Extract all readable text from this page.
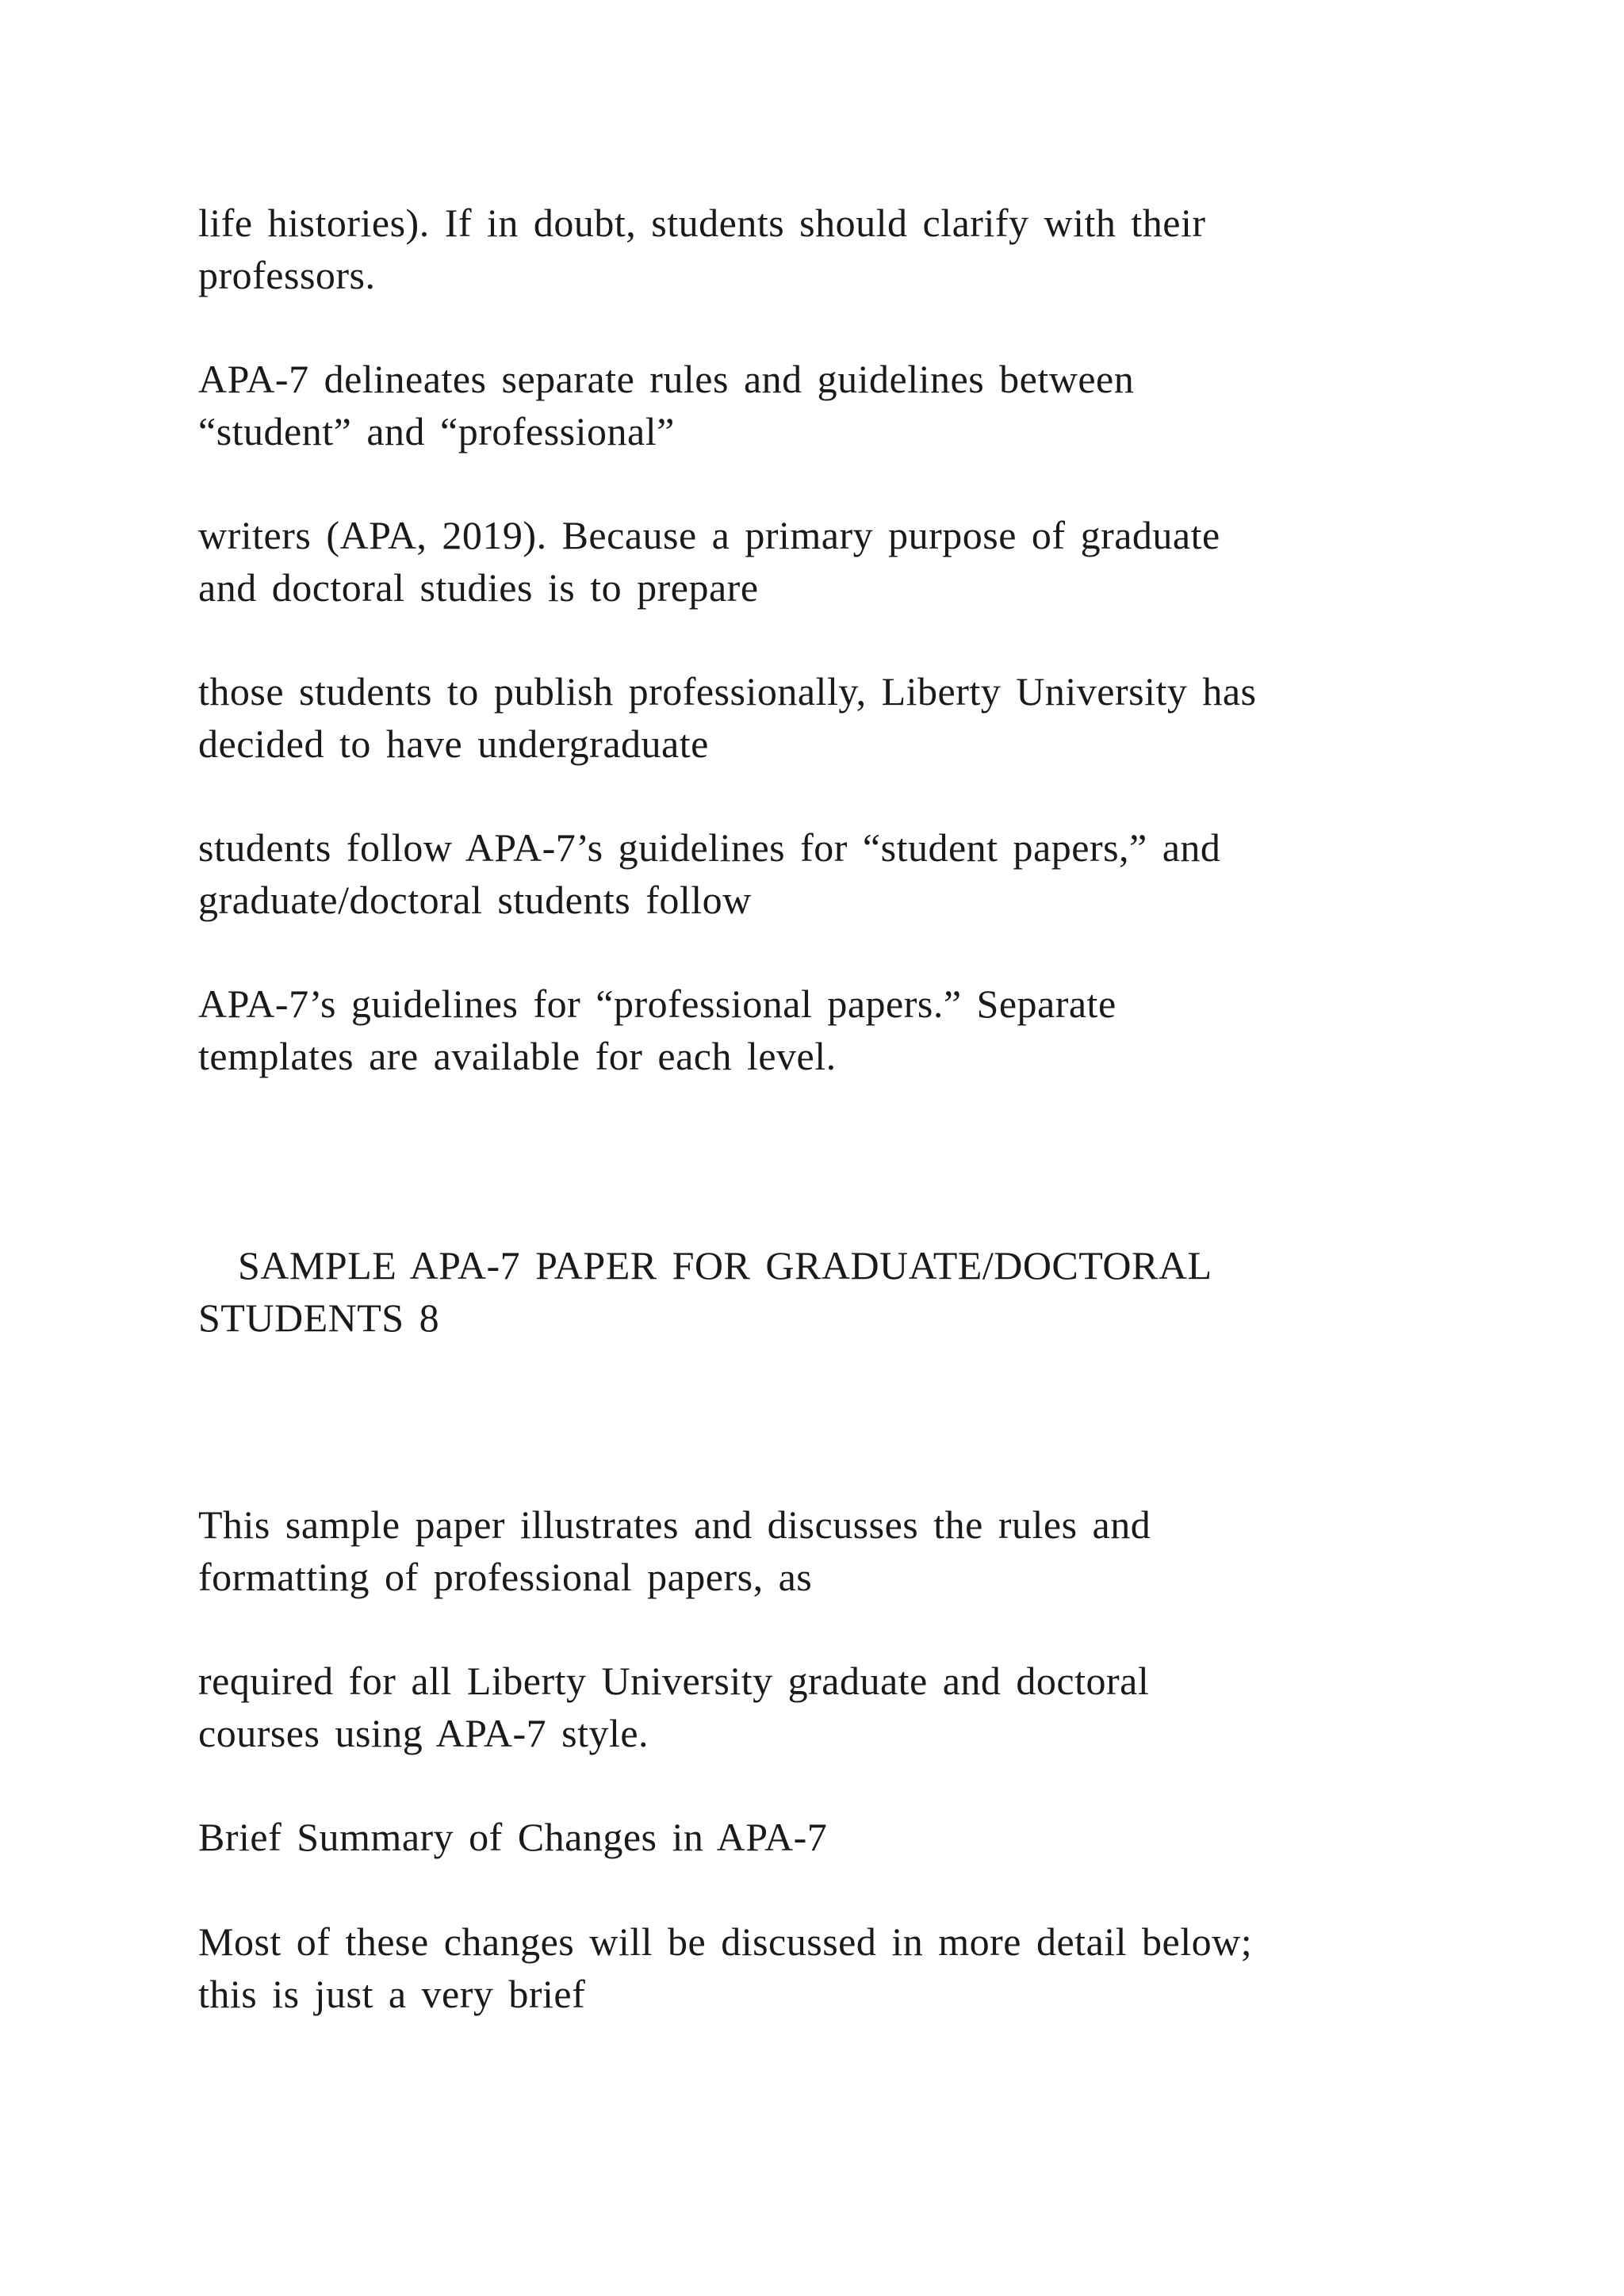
life histories). If in doubt, students should clarify with their
professors.

APA-7 delineates separate rules and guidelines between
“student” and “professional”

writers (APA, 2019). Because a primary purpose of graduate
and doctoral studies is to prepare

those students to publish professionally, Liberty University has
decided to have undergraduate

students follow APA-7’s guidelines for “student papers,” and
graduate/doctoral students follow

APA-7’s guidelines for “professional papers.” Separate
templates are available for each level.

SAMPLE APA-7 PAPER FOR GRADUATE/DOCTORAL
STUDENTS 8

This sample paper illustrates and discusses the rules and
formatting of professional papers, as

required for all Liberty University graduate and doctoral
courses using APA-7 style.

Brief Summary of Changes in APA-7

Most of these changes will be discussed in more detail below;
this is just a very brief
